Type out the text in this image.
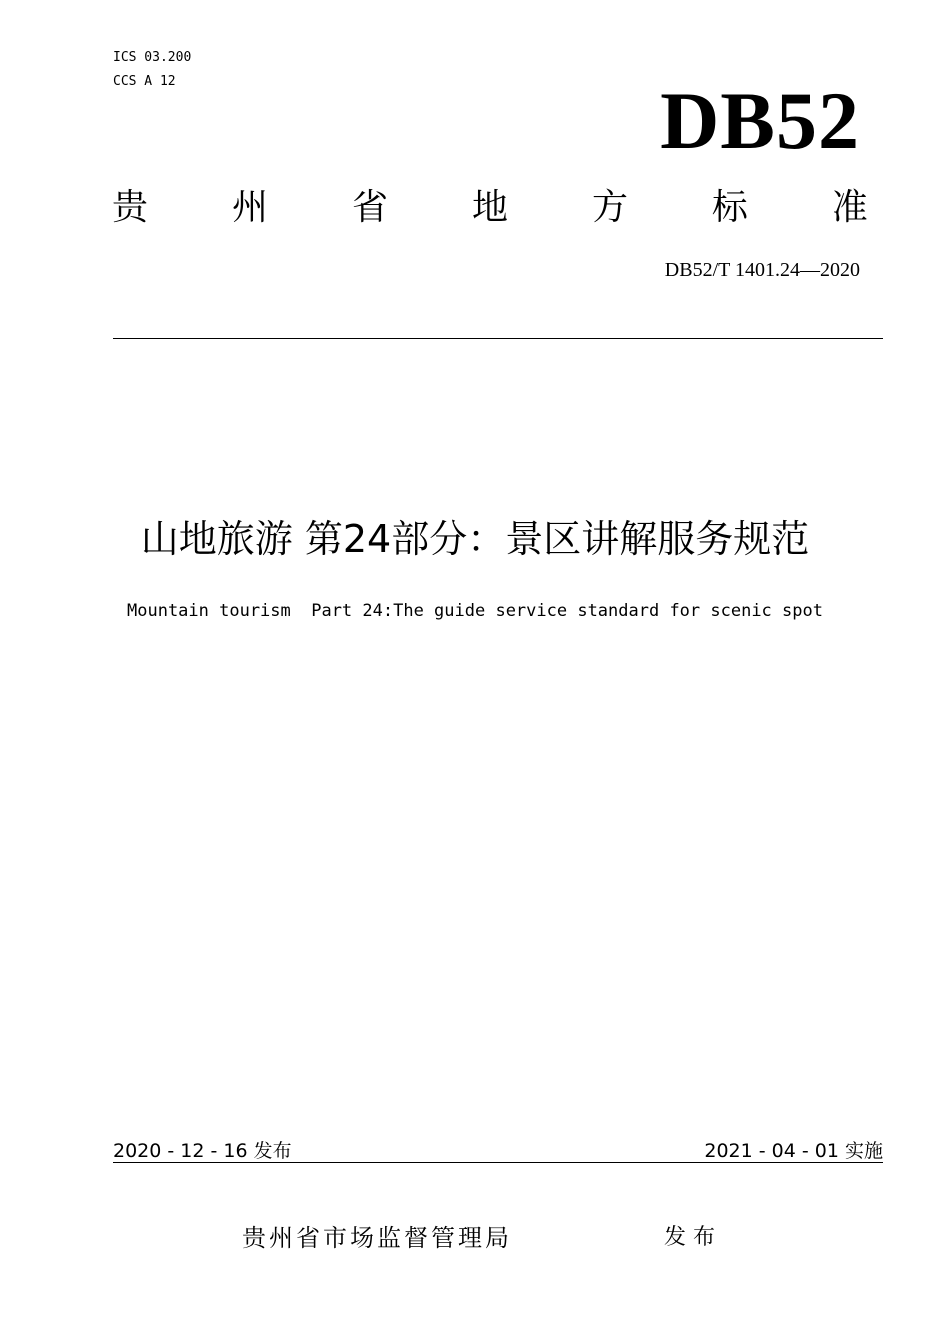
ICS 03.200
CCS A 12	DB52
贵 州 省 地 方 标 准
DB52/T 1401.24—2020
山地旅游 第24部分：景区讲解服务规范
Mountain tourism  Part 24:The guide service standard for scenic spot
2020 - 12 - 16 发布	2021 - 04 - 01 实施
贵州省市场监督管理局	发 布
